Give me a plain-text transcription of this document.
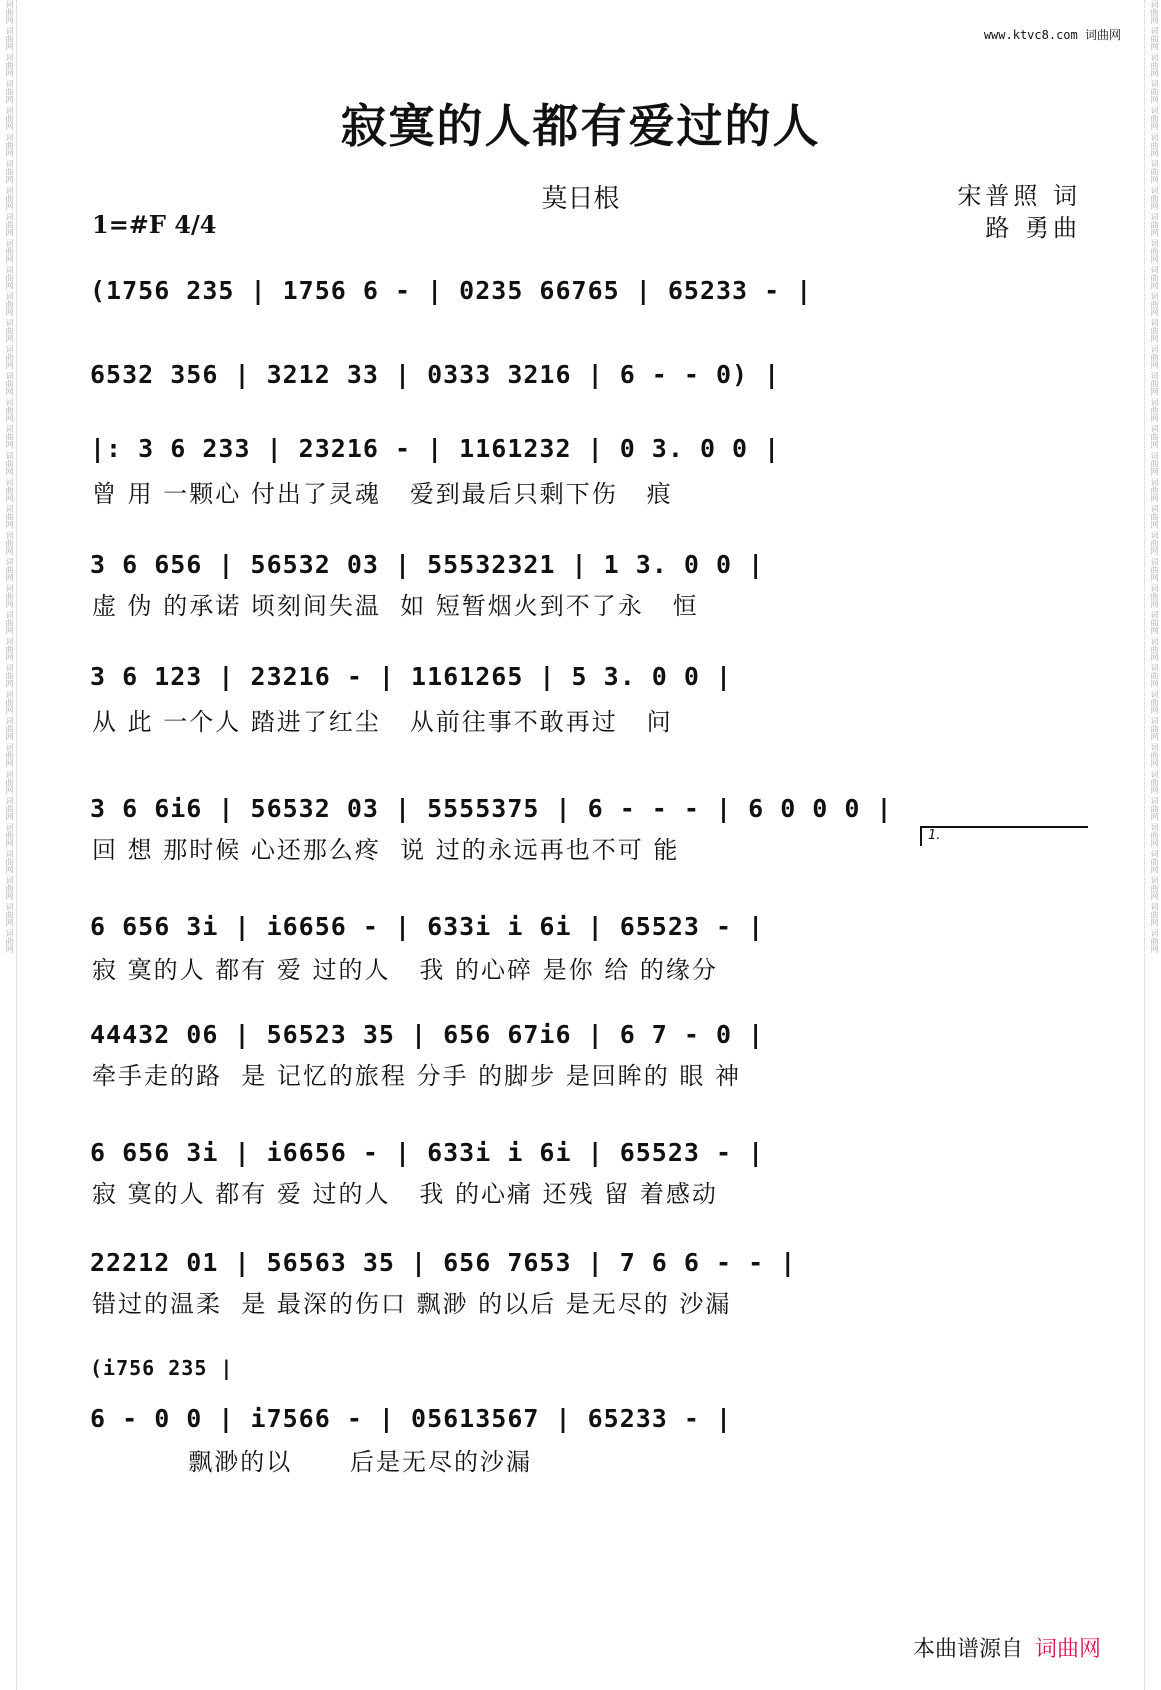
词曲网 词曲网 词曲网 词曲网 词曲网 词曲网 词曲网 词曲网 词曲网 词曲网 词曲网 词曲网 词曲网 词曲网 词曲网 词曲网 词曲网 词曲网 词曲网 词曲网 词曲网 词曲网 词曲网 词曲网 词曲网 词曲网 词曲网 词曲网 词曲网 词曲网 词曲网 词曲网 词曲网 词曲网 词曲网 词曲网	词曲网 词曲网 词曲网 词曲网 词曲网 词曲网 词曲网 词曲网 词曲网 词曲网 词曲网 词曲网 词曲网 词曲网 词曲网 词曲网 词曲网 词曲网 词曲网 词曲网 词曲网 词曲网 词曲网 词曲网 词曲网 词曲网 词曲网 词曲网 词曲网 词曲网 词曲网 词曲网 词曲网 词曲网 词曲网 词曲网
www.ktvc8.com 词曲网
寂寞的人都有爱过的人
莫日根	宋普照 词
路 勇曲
1=#F 4/4
(1756 235 | 1756 6 - | 0235 66765 | 65233 - |
6532 356 | 3212 33 | 0333 3216 | 6 - - 0) |
|: 3 6 233 | 23216 - | 1161232 | 0 3. 0 0 |
曾 用 一颗心 付出了灵魂   爱到最后只剩下伤   痕
3 6 656 | 56532 03 | 55532321 | 1 3. 0 0 |
虚 伪 的承诺 顷刻间失温  如 短暂烟火到不了永   恒
3 6 123 | 23216 - | 1161265 | 5 3. 0 0 |
从 此 一个人 踏进了红尘   从前往事不敢再过   问
1.
3 6 6i6 | 56532 03 | 5555375 | 6 - - - | 6 0 0 0 |
回 想 那时候 心还那么疼  说 过的永远再也不可 能
6 656 3i | i6656 - | 633i i 6i | 65523 - |
寂 寞的人 都有 爱 过的人   我 的心碎 是你 给 的缘分
44432 06 | 56523 35 | 656 67i6 | 6 7 - 0 |
牵手走的路  是 记忆的旅程 分手 的脚步 是回眸的 眼 神
6 656 3i | i6656 - | 633i i 6i | 65523 - |
寂 寞的人 都有 爱 过的人   我 的心痛 还残 留 着感动
22212 01 | 56563 35 | 656 7653 | 7 6 6 - - |
错过的温柔  是 最深的伤口 飘渺 的以后 是无尽的 沙漏
(i756 235 |
6 - 0 0 | i7566 - | 05613567 | 65233 - |
飘渺的以      后是无尽的沙漏
本曲谱源自 词曲网
